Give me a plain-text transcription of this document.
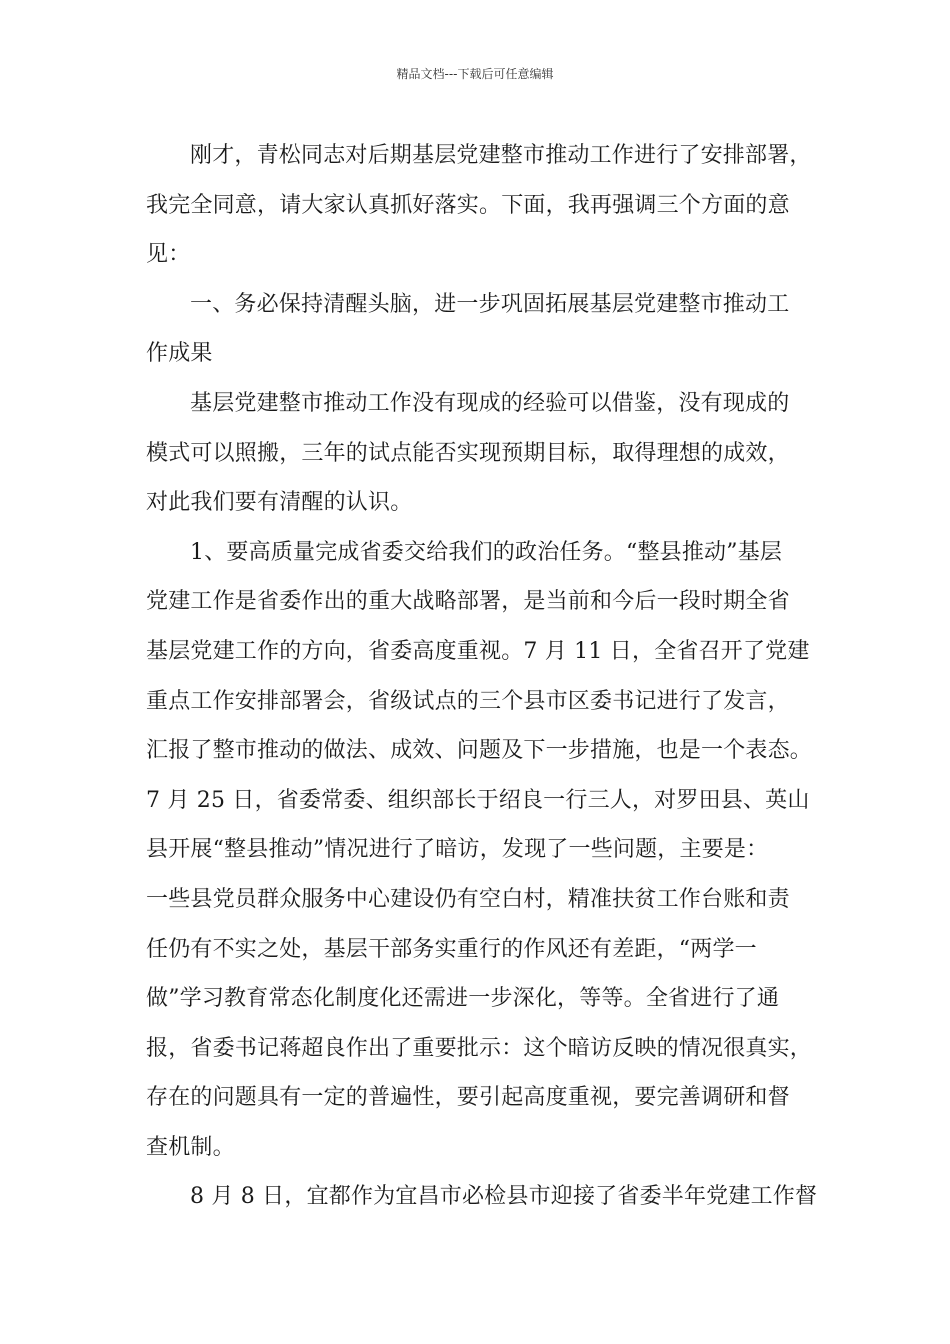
精品文档---下载后可任意编辑
刚才，青松同志对后期基层党建整市推动工作进行了安排部署，
我完全同意，请大家认真抓好落实。下面，我再强调三个方面的意
见：
一、务必保持清醒头脑，进一步巩固拓展基层党建整市推动工
作成果
基层党建整市推动工作没有现成的经验可以借鉴，没有现成的
模式可以照搬，三年的试点能否实现预期目标，取得理想的成效，
对此我们要有清醒的认识。
1、要高质量完成省委交给我们的政治任务。“整县推动”基层
党建工作是省委作出的重大战略部署，是当前和今后一段时期全省
基层党建工作的方向，省委高度重视。7 月 11 日，全省召开了党建
重点工作安排部署会，省级试点的三个县市区委书记进行了发言，
汇报了整市推动的做法、成效、问题及下一步措施，也是一个表态。
7 月 25 日，省委常委、组织部长于绍良一行三人，对罗田县、英山
县开展“整县推动”情况进行了暗访，发现了一些问题，主要是：
一些县党员群众服务中心建设仍有空白村，精准扶贫工作台账和责
任仍有不实之处，基层干部务实重行的作风还有差距，“两学一
做”学习教育常态化制度化还需进一步深化，等等。全省进行了通
报，省委书记蒋超良作出了重要批示：这个暗访反映的情况很真实，
存在的问题具有一定的普遍性，要引起高度重视，要完善调研和督
查机制。
8 月 8 日，宜都作为宜昌市必检县市迎接了省委半年党建工作督
